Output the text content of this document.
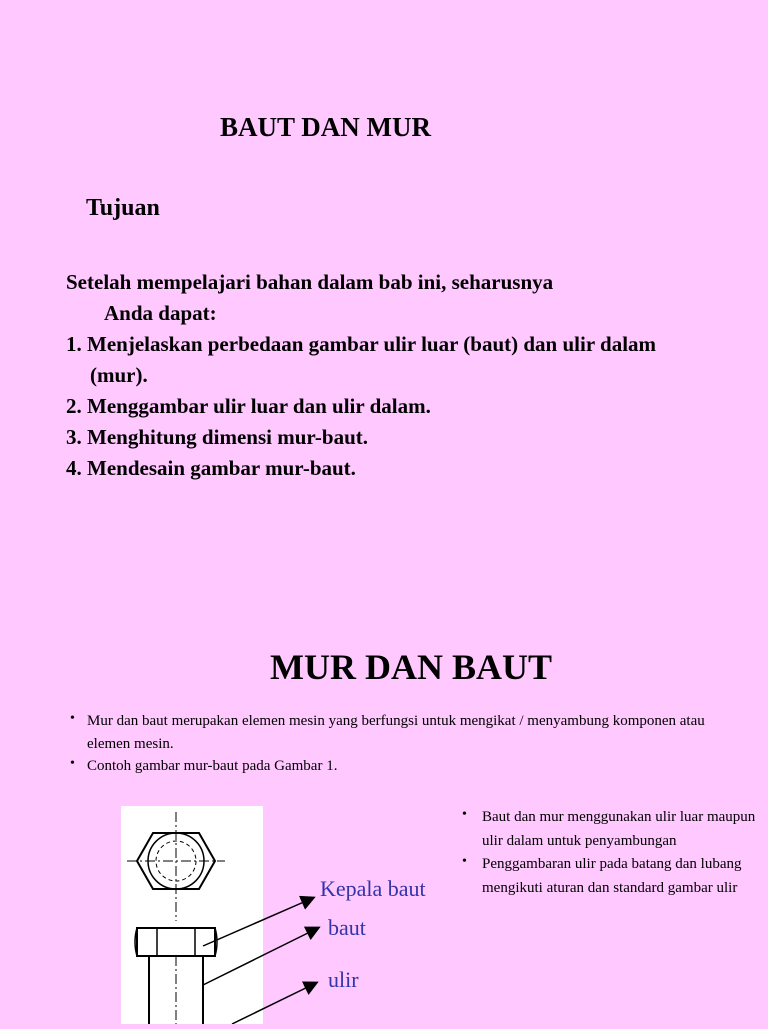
BAUT DAN MUR
Tujuan
Setelah mempelajari bahan dalam bab ini, seharusnya
Anda dapat:
1. Menjelaskan perbedaan gambar ulir luar (baut) dan ulir dalam (mur).
2. Menggambar ulir luar dan ulir dalam.
3. Menghitung dimensi mur-baut.
4. Mendesain gambar mur-baut.
MUR DAN BAUT
• Mur dan baut merupakan elemen mesin yang berfungsi untuk mengikat / menyambung komponen atau elemen mesin.
• Contoh gambar mur-baut pada Gambar 1.
• Baut dan mur menggunakan ulir luar maupun ulir dalam untuk penyambungan
• Penggambaran ulir pada batang dan lubang mengikuti aturan dan standard gambar ulir
Kepala baut
baut
ulir
